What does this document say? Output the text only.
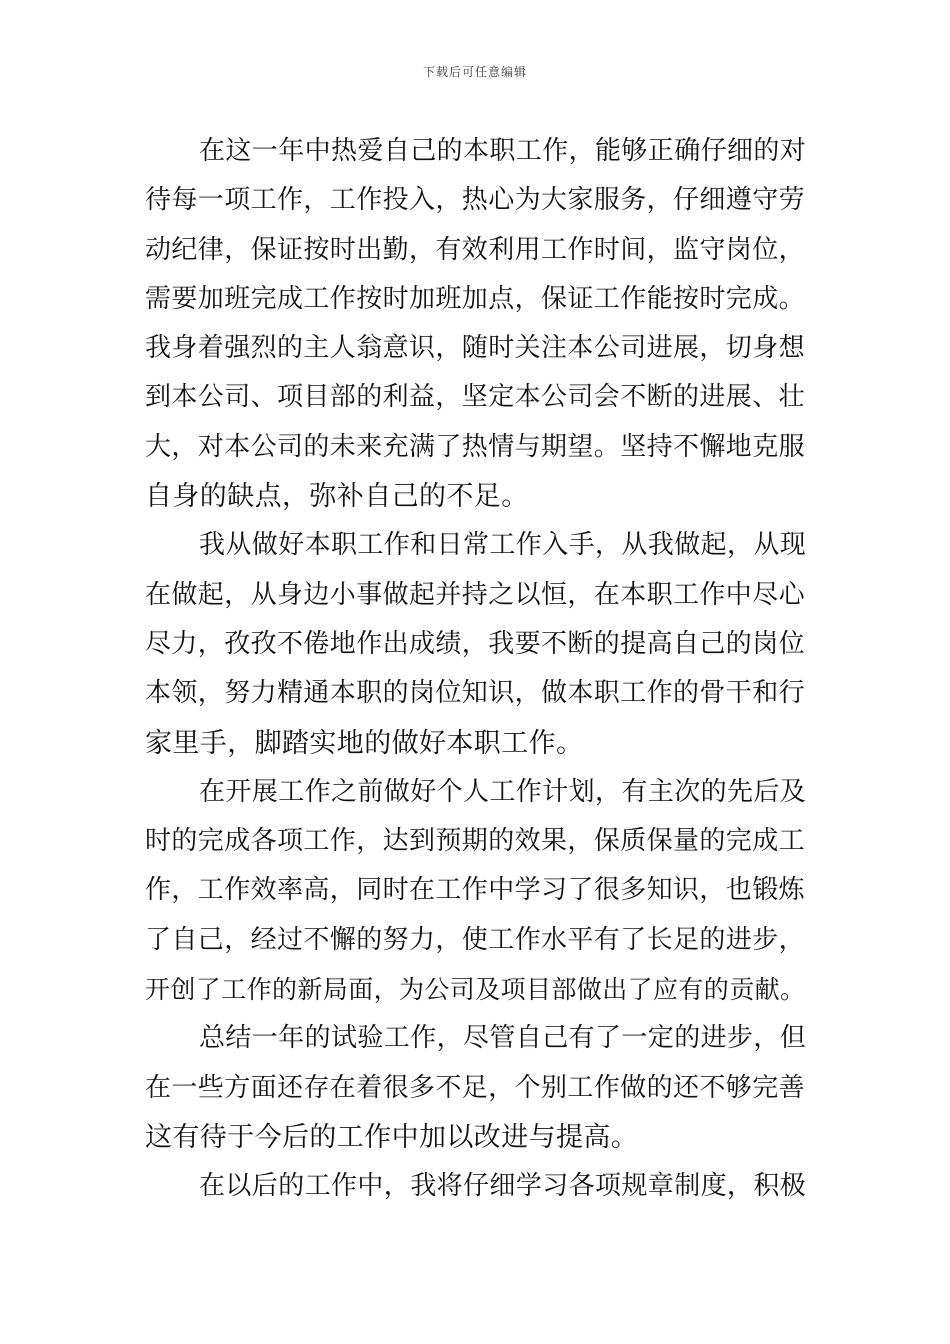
下载后可任意编辑
在这一年中热爱自己的本职工作，能够正确仔细的对
待每一项工作，工作投入，热心为大家服务，仔细遵守劳
动纪律，保证按时出勤，有效利用工作时间，监守岗位，
需要加班完成工作按时加班加点，保证工作能按时完成。
我身着强烈的主人翁意识，随时关注本公司进展，切身想
到本公司、项目部的利益，坚定本公司会不断的进展、壮
大，对本公司的未来充满了热情与期望。坚持不懈地克服
自身的缺点，弥补自己的不足。
我从做好本职工作和日常工作入手，从我做起，从现
在做起，从身边小事做起并持之以恒，在本职工作中尽心
尽力，孜孜不倦地作出成绩，我要不断的提高自己的岗位
本领，努力精通本职的岗位知识，做本职工作的骨干和行
家里手，脚踏实地的做好本职工作。
在开展工作之前做好个人工作计划，有主次的先后及
时的完成各项工作，达到预期的效果，保质保量的完成工
作，工作效率高，同时在工作中学习了很多知识，也锻炼
了自己，经过不懈的努力，使工作水平有了长足的进步，
开创了工作的新局面，为公司及项目部做出了应有的贡献。
总结一年的试验工作，尽管自己有了一定的进步，但
在一些方面还存在着很多不足，个别工作做的还不够完善
这有待于今后的工作中加以改进与提高。
在以后的工作中，我将仔细学习各项规章制度，积极
